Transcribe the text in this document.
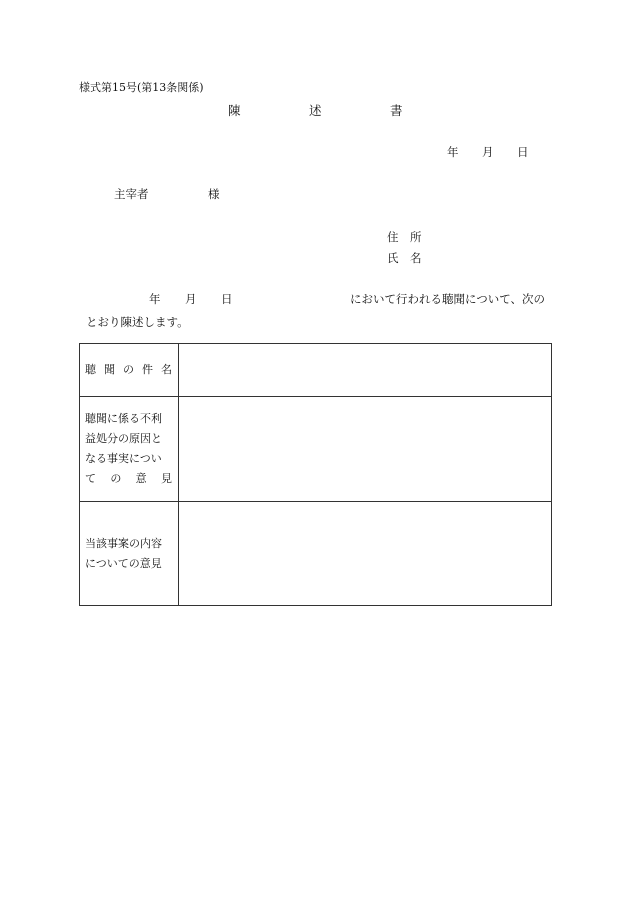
様式第15号(第13条関係)
陳	述	書
年 月 日
主宰者	様
住 所
氏 名
年 月 日	において行われる聴聞について、次の
とおり陳述します。
聴 聞 の 件 名
聴聞に係る不利
益処分の原因と
なる事実につい
て の 意 見
当該事案の内容
についての意見
